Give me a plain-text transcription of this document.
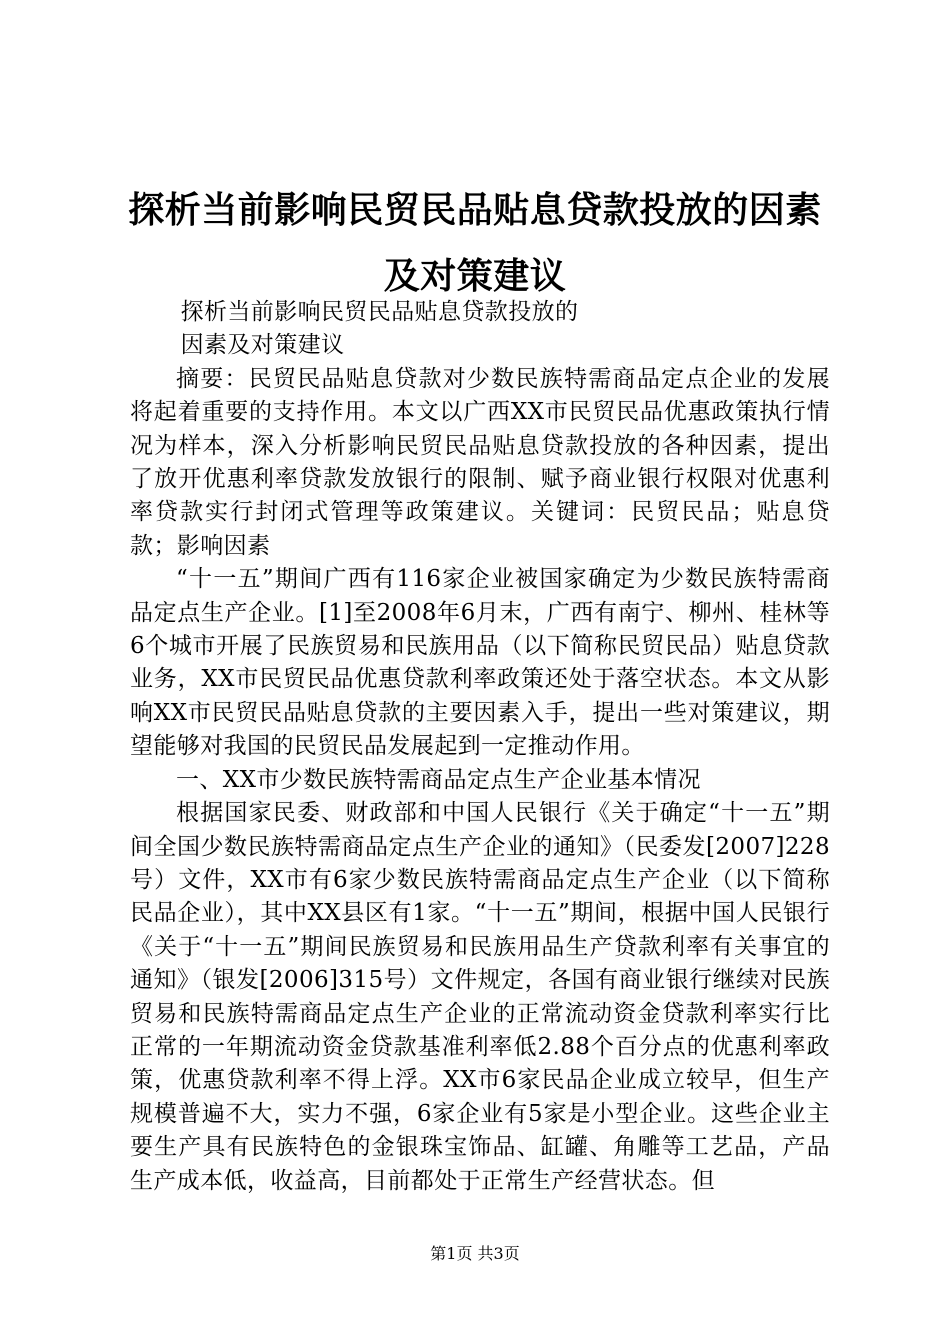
探析当前影响民贸民品贴息贷款投放的因素及对策建议

探析当前影响民贸民品贴息贷款投放的

因素及对策建议

摘要：民贸民品贴息贷款对少数民族特需商品定点企业的发展将起着重要的支持作用。本文以广西XX市民贸民品优惠政策执行情况为样本，深入分析影响民贸民品贴息贷款投放的各种因素，提出了放开优惠利率贷款发放银行的限制、赋予商业银行权限对优惠利率贷款实行封闭式管理等政策建议。关键词：民贸民品；贴息贷款；影响因素

“十一五”期间广西有116家企业被国家确定为少数民族特需商品定点生产企业。[1]至2008年6月末，广西有南宁、柳州、桂林等6个城市开展了民族贸易和民族用品（以下简称民贸民品）贴息贷款业务，XX市民贸民品优惠贷款利率政策还处于落空状态。本文从影响XX市民贸民品贴息贷款的主要因素入手，提出一些对策建议，期望能够对我国的民贸民品发展起到一定推动作用。

一、XX市少数民族特需商品定点生产企业基本情况

根据国家民委、财政部和中国人民银行《关于确定“十一五”期间全国少数民族特需商品定点生产企业的通知》（民委发[2007]228号）文件，XX市有6家少数民族特需商品定点生产企业（以下简称民品企业），其中XX县区有1家。“十一五”期间，根据中国人民银行《关于“十一五”期间民族贸易和民族用品生产贷款利率有关事宜的通知》（银发[2006]315号）文件规定，各国有商业银行继续对民族贸易和民族特需商品定点生产企业的正常流动资金贷款利率实行比正常的一年期流动资金贷款基准利率低2.88个百分点的优惠利率政策，优惠贷款利率不得上浮。XX市6家民品企业成立较早，但生产规模普遍不大，实力不强，6家企业有5家是小型企业。这些企业主要生产具有民族特色的金银珠宝饰品、缸罐、角雕等工艺品，产品生产成本低，收益高，目前都处于正常生产经营状态。但

第1页 共3页
